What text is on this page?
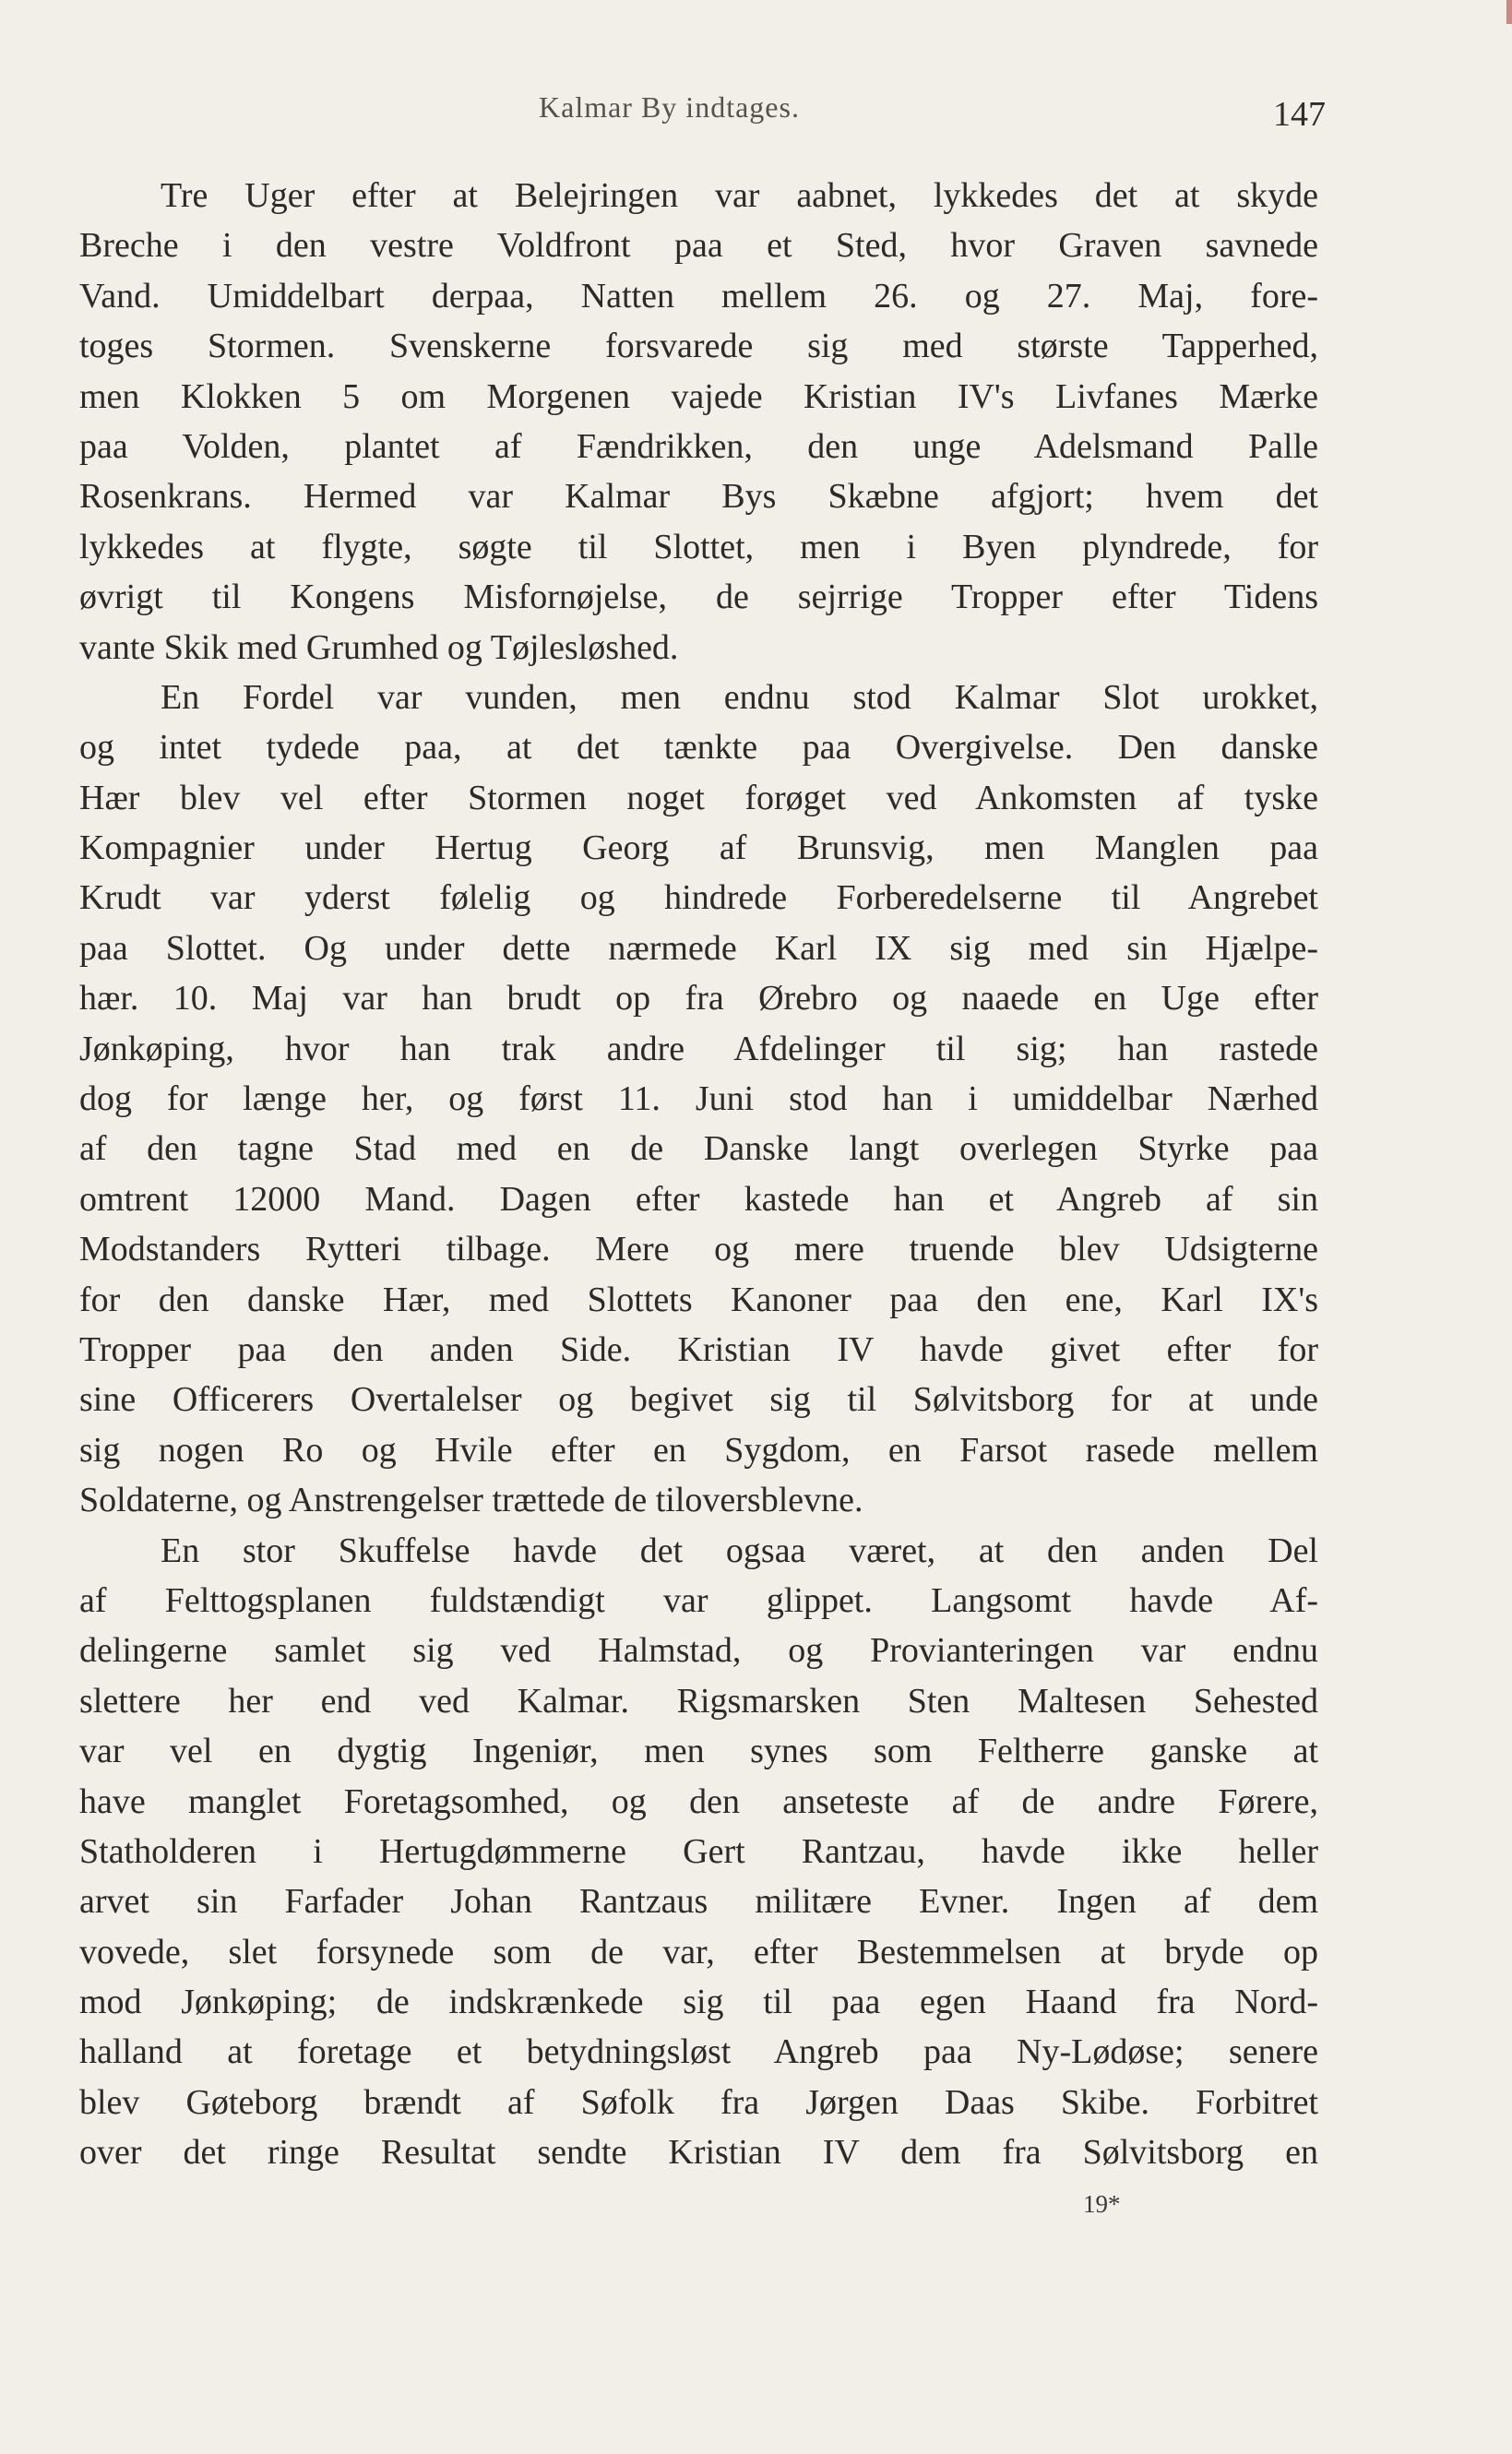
Kalmar By indtages.	147
Tre Uger efter at Belejringen var aabnet, lykkedes det at skyde
Breche i den vestre Voldfront paa et Sted, hvor Graven savnede
Vand. Umiddelbart derpaa, Natten mellem 26. og 27. Maj, fore-
toges Stormen. Svenskerne forsvarede sig med største Tapperhed,
men Klokken 5 om Morgenen vajede Kristian IV's Livfanes Mærke
paa Volden, plantet af Fændrikken, den unge Adelsmand Palle
Rosenkrans. Hermed var Kalmar Bys Skæbne afgjort; hvem det
lykkedes at flygte, søgte til Slottet, men i Byen plyndrede, for
øvrigt til Kongens Misfornøjelse, de sejrrige Tropper efter Tidens
vante Skik med Grumhed og Tøjlesløshed.
En Fordel var vunden, men endnu stod Kalmar Slot urokket,
og intet tydede paa, at det tænkte paa Overgivelse. Den danske
Hær blev vel efter Stormen noget forøget ved Ankomsten af tyske
Kompagnier under Hertug Georg af Brunsvig, men Manglen paa
Krudt var yderst følelig og hindrede Forberedelserne til Angrebet
paa Slottet. Og under dette nærmede Karl IX sig med sin Hjælpe-
hær. 10. Maj var han brudt op fra Ørebro og naaede en Uge efter
Jønkøping, hvor han trak andre Afdelinger til sig; han rastede
dog for længe her, og først 11. Juni stod han i umiddelbar Nærhed
af den tagne Stad med en de Danske langt overlegen Styrke paa
omtrent 12000 Mand. Dagen efter kastede han et Angreb af sin
Modstanders Rytteri tilbage. Mere og mere truende blev Udsigterne
for den danske Hær, med Slottets Kanoner paa den ene, Karl IX's
Tropper paa den anden Side. Kristian IV havde givet efter for
sine Officerers Overtalelser og begivet sig til Sølvitsborg for at unde
sig nogen Ro og Hvile efter en Sygdom, en Farsot rasede mellem
Soldaterne, og Anstrengelser trættede de tiloversblevne.
En stor Skuffelse havde det ogsaa været, at den anden Del
af Felttogsplanen fuldstændigt var glippet. Langsomt havde Af-
delingerne samlet sig ved Halmstad, og Provianteringen var endnu
slettere her end ved Kalmar. Rigsmarsken Sten Maltesen Sehested
var vel en dygtig Ingeniør, men synes som Feltherre ganske at
have manglet Foretagsomhed, og den anseteste af de andre Førere,
Statholderen i Hertugdømmerne Gert Rantzau, havde ikke heller
arvet sin Farfader Johan Rantzaus militære Evner. Ingen af dem
vovede, slet forsynede som de var, efter Bestemmelsen at bryde op
mod Jønkøping; de indskrænkede sig til paa egen Haand fra Nord-
halland at foretage et betydningsløst Angreb paa Ny-Lødøse; senere
blev Gøteborg brændt af Søfolk fra Jørgen Daas Skibe. Forbitret
over det ringe Resultat sendte Kristian IV dem fra Sølvitsborg en
19*
